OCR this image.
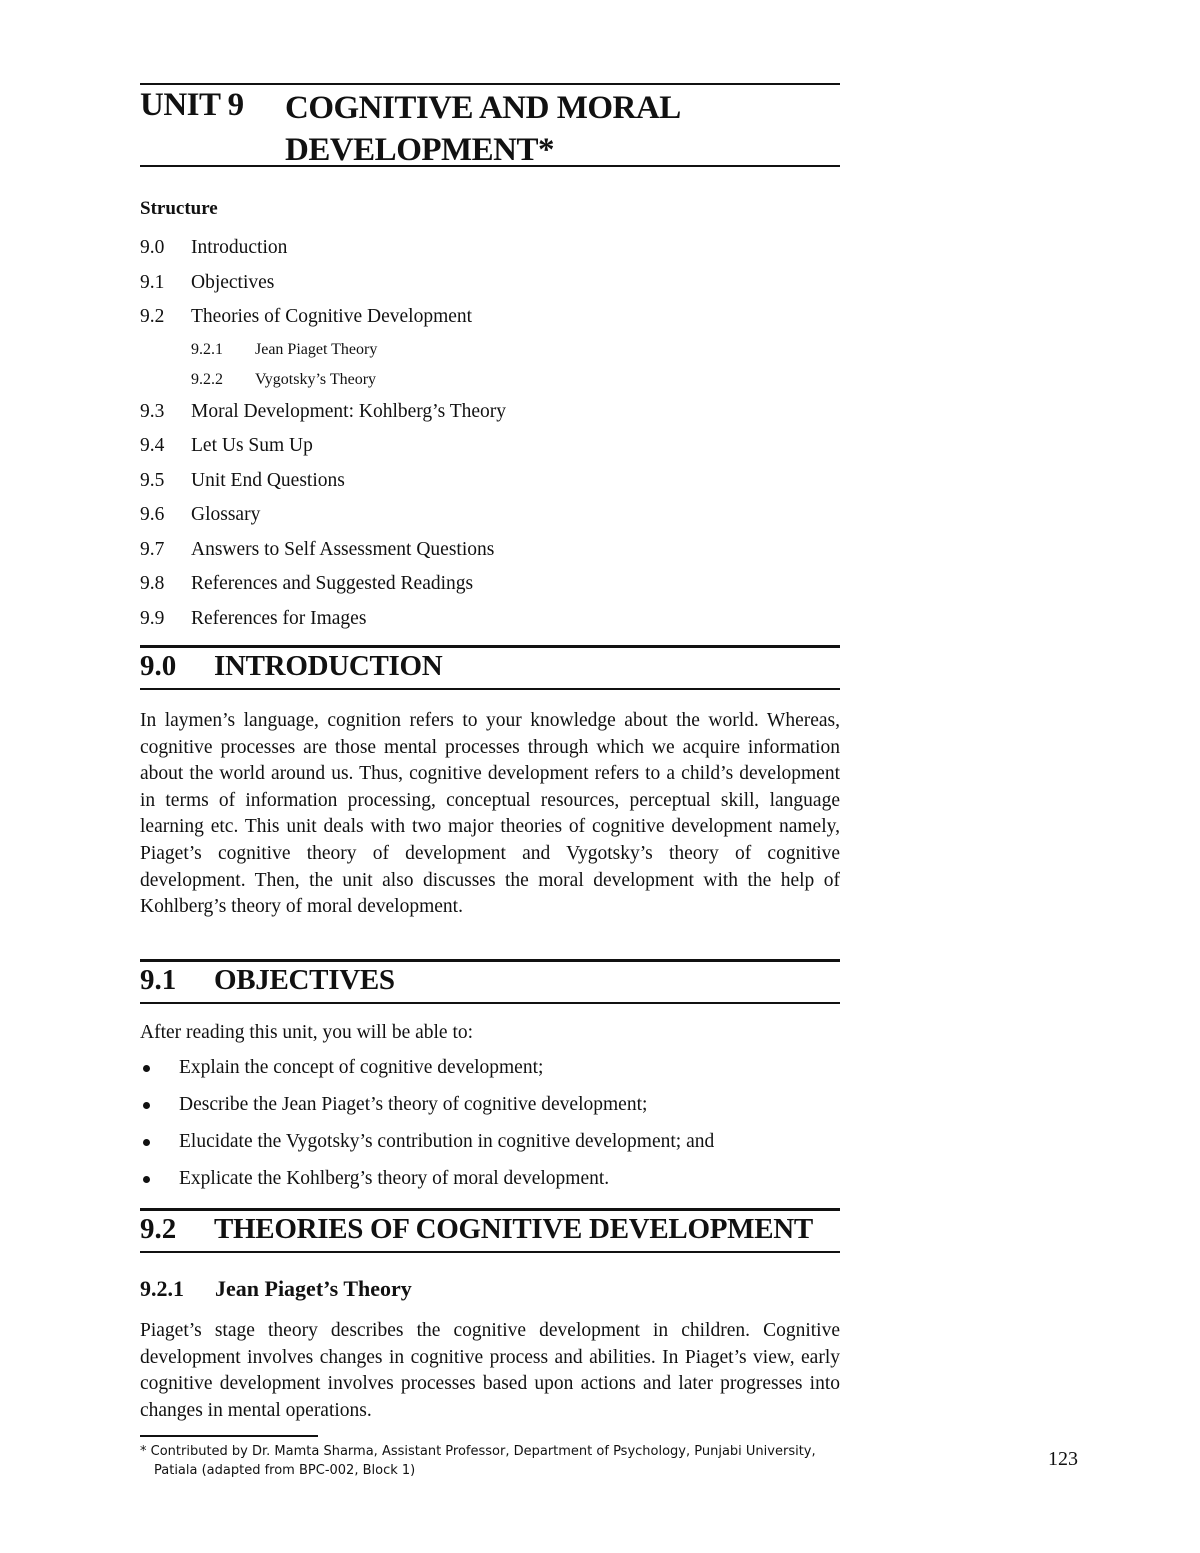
UNIT 9 COGNITIVE AND MORAL
DEVELOPMENT*
Structure
9.0 Introduction
9.1 Objectives
9.2 Theories of Cognitive Development
9.2.1 Jean Piaget Theory
9.2.2 Vygotsky’s Theory
9.3 Moral Development: Kohlberg’s Theory
9.4 Let Us Sum Up
9.5 Unit End Questions
9.6 Glossary
9.7 Answers to Self Assessment Questions
9.8 References and Suggested Readings
9.9 References for Images
9.0 INTRODUCTION

In laymen’s language, cognition refers to your knowledge about the world. Whereas, cognitive processes are those mental processes through which we acquire information about the world around us. Thus, cognitive development refers to a child’s development in terms of information processing, conceptual resources, perceptual skill, language learning etc. This unit deals with two major theories of cognitive development namely, Piaget’s cognitive theory of development and Vygotsky’s theory of cognitive development. Then, the unit also discusses the moral development with the help of Kohlberg’s theory of moral development.

9.1 OBJECTIVES

After reading this unit, you will be able to:

Explain the concept of cognitive development;
Describe the Jean Piaget’s theory of cognitive development;
Elucidate the Vygotsky’s contribution in cognitive development; and
Explicate the Kohlberg’s theory of moral development.
9.2 THEORIES OF COGNITIVE DEVELOPMENT
9.2.1 Jean Piaget’s Theory

Piaget’s stage theory describes the cognitive development in children. Cognitive development involves changes in cognitive process and abilities. In Piaget’s view, early cognitive development involves processes based upon actions and later progresses into changes in mental operations.

* Contributed by Dr. Mamta Sharma, Assistant Professor, Department of Psychology, Punjabi University,
Patiala (adapted from BPC-002, Block 1)
123
